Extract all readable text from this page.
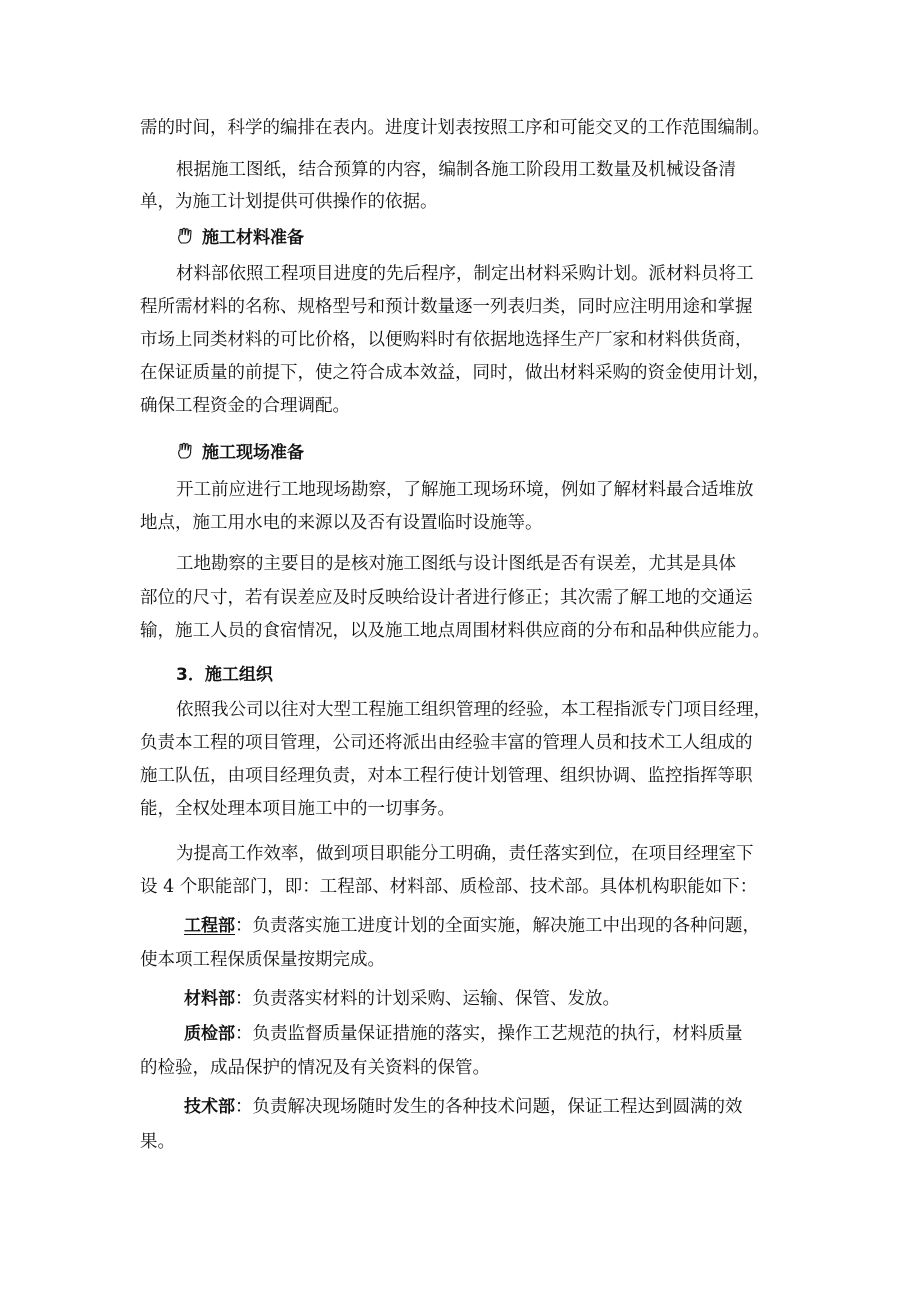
需的时间，科学的编排在表内。进度计划表按照工序和可能交叉的工作范围编制。
根据施工图纸，结合预算的内容，编制各施工阶段用工数量及机械设备清
单，为施工计划提供可供操作的依据。
施工材料准备
材料部依照工程项目进度的先后程序，制定出材料采购计划。派材料员将工
程所需材料的名称、规格型号和预计数量逐一列表归类，同时应注明用途和掌握
市场上同类材料的可比价格，以便购料时有依据地选择生产厂家和材料供货商，
在保证质量的前提下，使之符合成本效益，同时，做出材料采购的资金使用计划，
确保工程资金的合理调配。
施工现场准备
开工前应进行工地现场勘察，了解施工现场环境，例如了解材料最合适堆放
地点，施工用水电的来源以及否有设置临时设施等。
工地勘察的主要目的是核对施工图纸与设计图纸是否有误差，尤其是具体
部位的尺寸，若有误差应及时反映给设计者进行修正；其次需了解工地的交通运
输，施工人员的食宿情况，以及施工地点周围材料供应商的分布和品种供应能力。
3．施工组织
依照我公司以往对大型工程施工组织管理的经验，本工程指派专门项目经理，
负责本工程的项目管理，公司还将派出由经验丰富的管理人员和技术工人组成的
施工队伍，由项目经理负责，对本工程行使计划管理、组织协调、监控指挥等职
能，全权处理本项目施工中的一切事务。
为提高工作效率，做到项目职能分工明确，责任落实到位，在项目经理室下
设 4 个职能部门，即：工程部、材料部、质检部、技术部。具体机构职能如下：
工程部：负责落实施工进度计划的全面实施，解决施工中出现的各种问题，
使本项工程保质保量按期完成。
材料部：负责落实材料的计划采购、运输、保管、发放。
质检部：负责监督质量保证措施的落实，操作工艺规范的执行，材料质量
的检验，成品保护的情况及有关资料的保管。
技术部：负责解决现场随时发生的各种技术问题，保证工程达到圆满的效
果。
